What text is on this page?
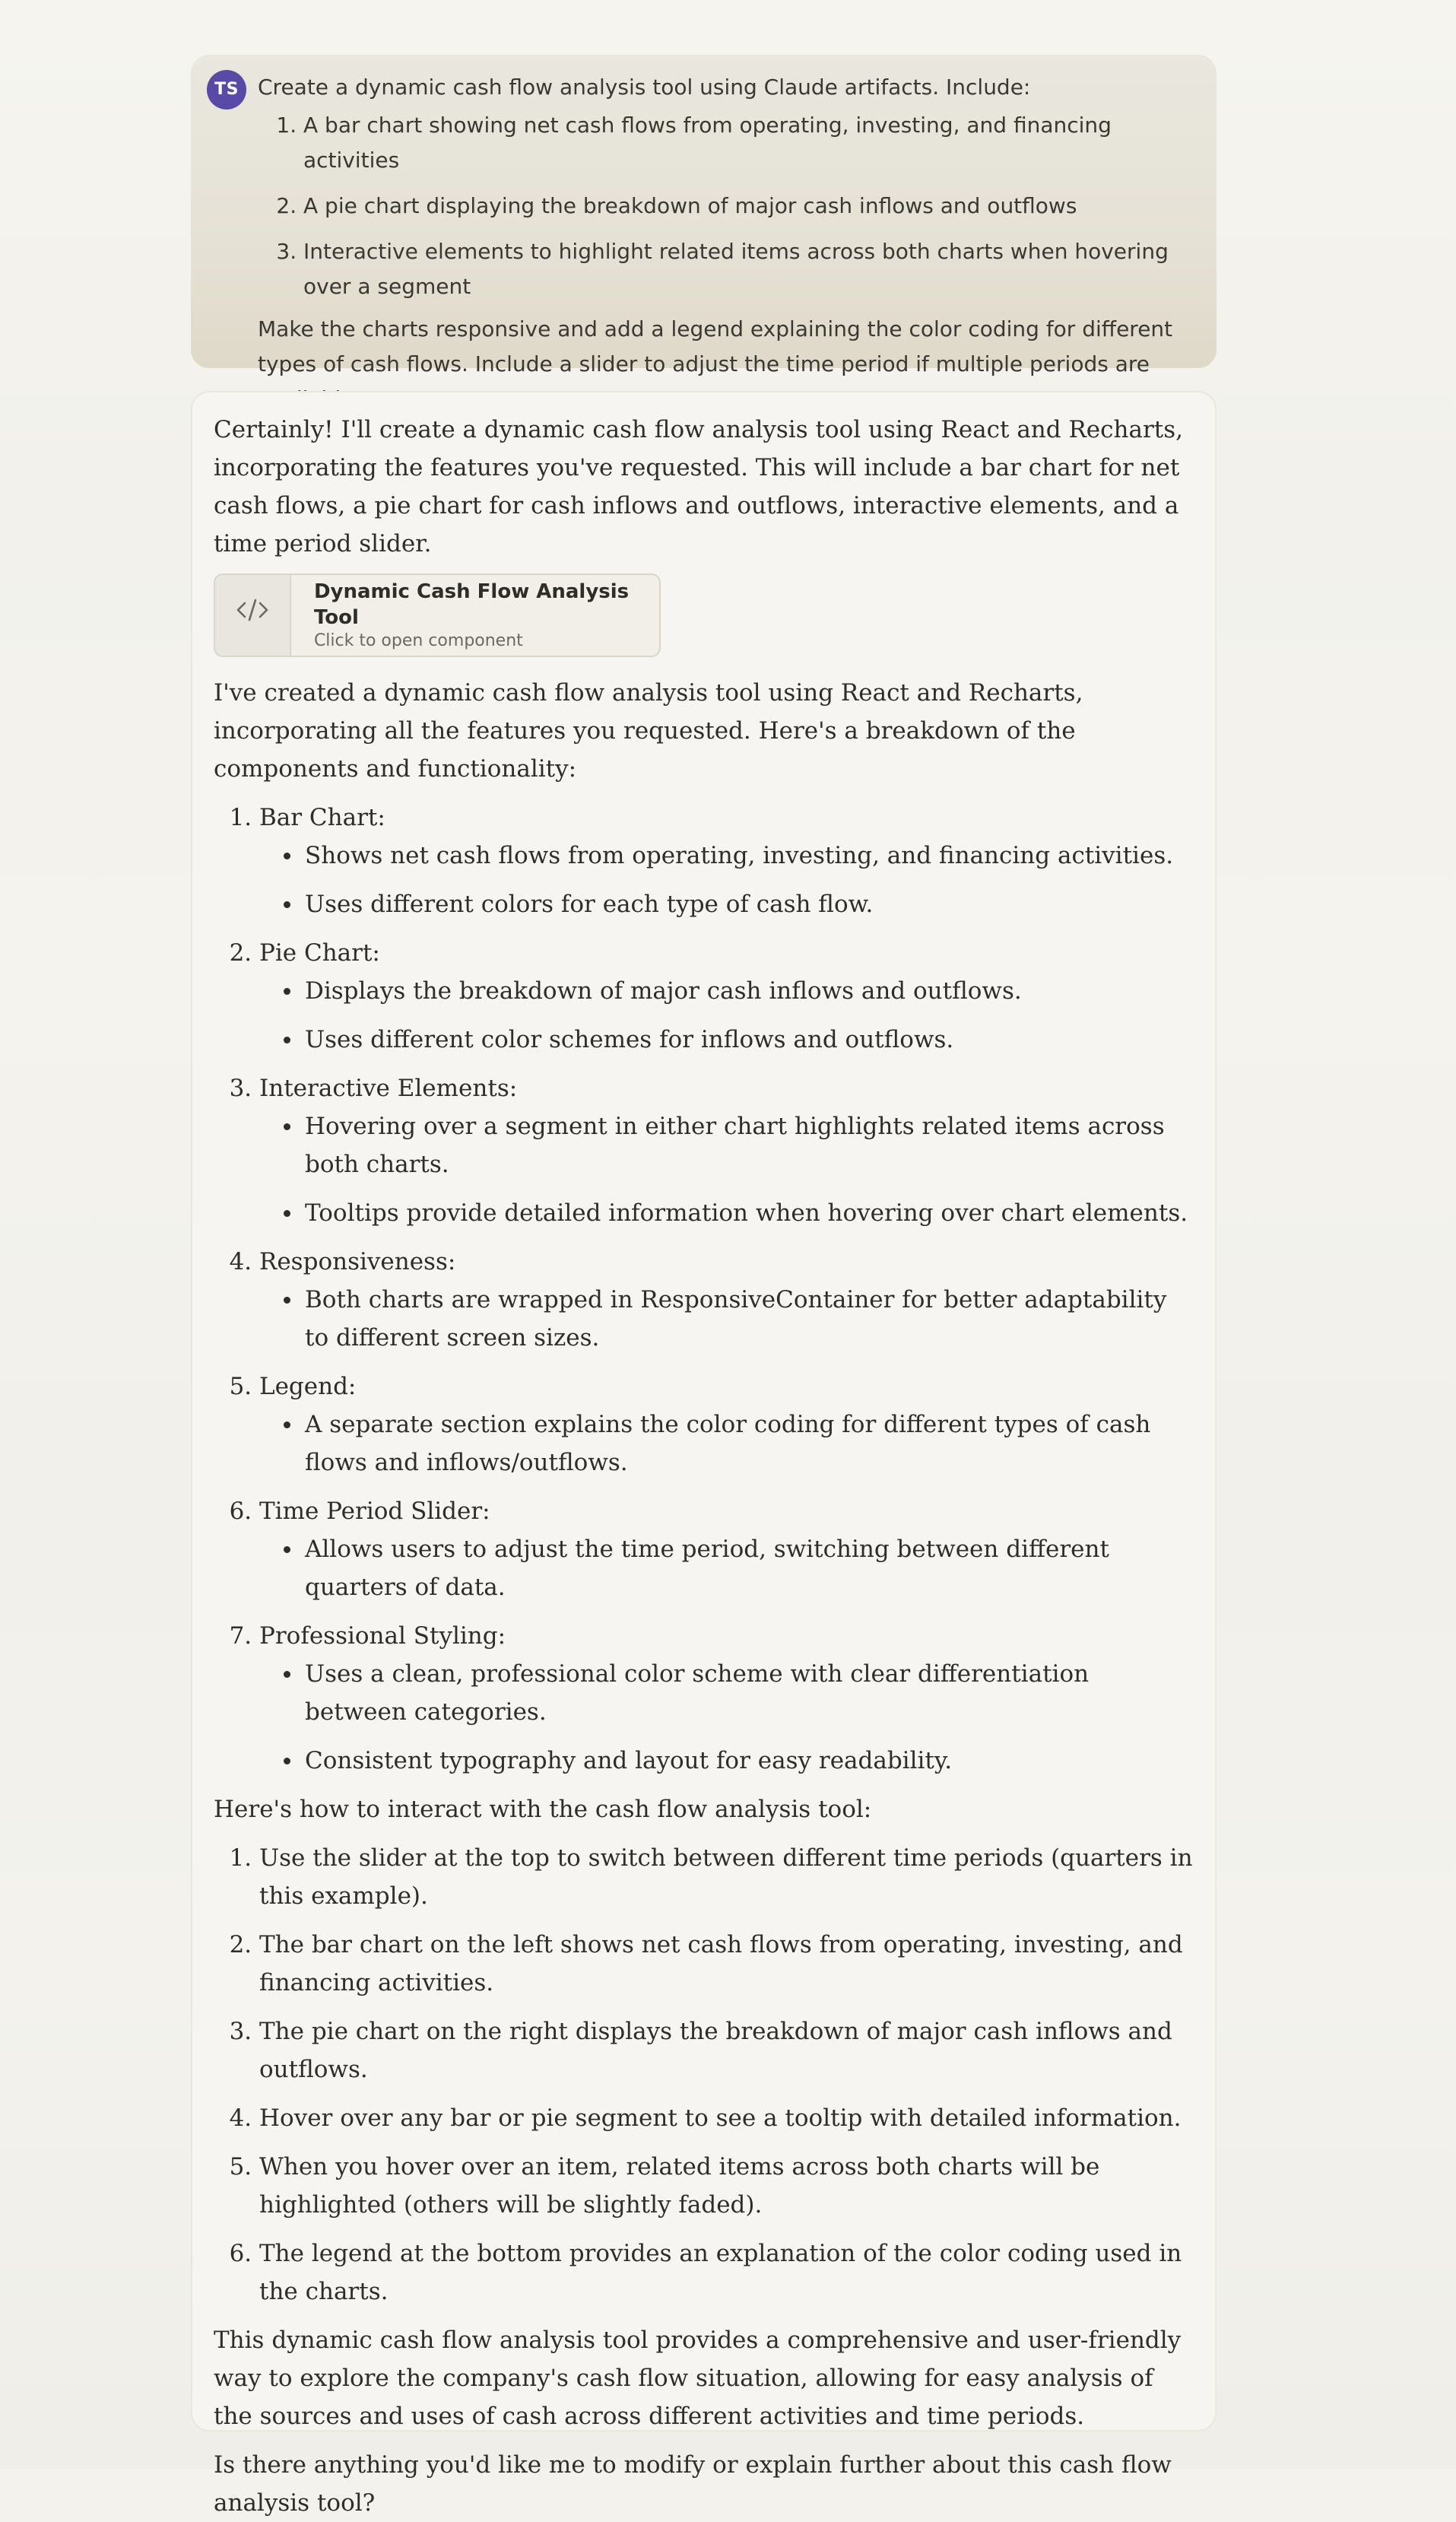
TS Create a dynamic cash flow analysis tool using Claude artifacts. Include:

1. A bar chart showing net cash flows from operating, investing, and financing activities
2. A pie chart displaying the breakdown of major cash inflows and outflows
3. Interactive elements to highlight related items across both charts when hovering over a segment

Make the charts responsive and add a legend explaining the color coding for different types of cash flows. Include a slider to adjust the time period if multiple periods are

Certainly! I'll create a dynamic cash flow analysis tool using React and Recharts, incorporating the features you've requested. This will include a bar chart for net cash flows, a pie chart for cash inflows and outflows, interactive elements, and a time period slider.

Dynamic Cash Flow Analysis Tool
Click to open component

I've created a dynamic cash flow analysis tool using React and Recharts, incorporating all the features you requested. Here's a breakdown of the components and functionality:

1. Bar Chart:
Shows net cash flows from operating, investing, and financing activities.
Uses different colors for each type of cash flow.
2. Pie Chart:
Displays the breakdown of major cash inflows and outflows.
Uses different color schemes for inflows and outflows.
3. Interactive Elements:
Hovering over a segment in either chart highlights related items across both charts.
Tooltips provide detailed information when hovering over chart elements.
4. Responsiveness:
Both charts are wrapped in ResponsiveContainer for better adaptability to different screen sizes.
5. Legend:
A separate section explains the color coding for different types of cash flows and inflows/outflows.
6. Time Period Slider:
Allows users to adjust the time period, switching between different quarters of data.
7. Professional Styling:
Uses a clean, professional color scheme with clear differentiation between categories.
Consistent typography and layout for easy readability.

Here's how to interact with the cash flow analysis tool:

1. Use the slider at the top to switch between different time periods (quarters in this example).
2. The bar chart on the left shows net cash flows from operating, investing, and financing activities.
3. The pie chart on the right displays the breakdown of major cash inflows and outflows.
4. Hover over any bar or pie segment to see a tooltip with detailed information.
5. When you hover over an item, related items across both charts will be highlighted (others will be slightly faded).
6. The legend at the bottom provides an explanation of the color coding used in the charts.

This dynamic cash flow analysis tool provides a comprehensive and user-friendly way to explore the company's cash flow situation, allowing for easy analysis of the sources and uses of cash across different activities and time periods.

Is there anything you'd like me to modify or explain further about this cash flow analysis tool?
